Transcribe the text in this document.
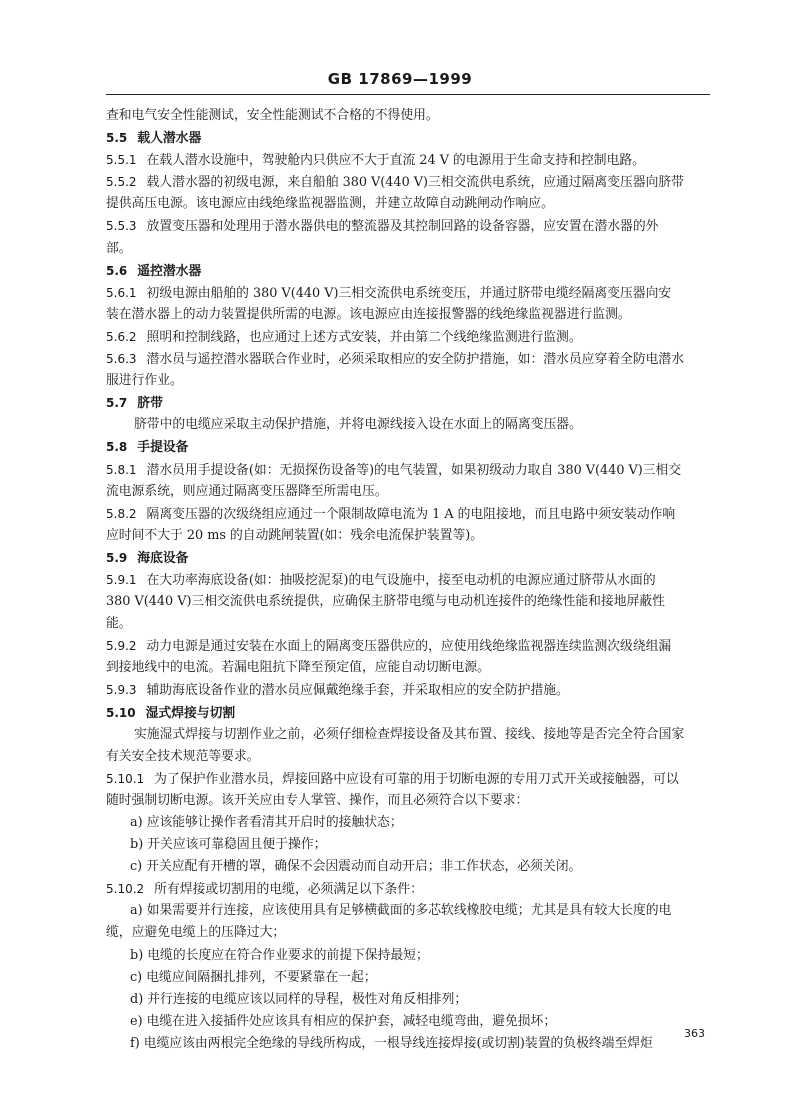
GB 17869—1999
查和电气安全性能测试，安全性能测试不合格的不得使用。
5.5 载人潜水器
5.5.1 在载人潜水设施中，驾驶舱内只供应不大于直流 24 V 的电源用于生命支持和控制电路。
5.5.2 载人潜水器的初级电源，来自船舶 380 V(440 V)三相交流供电系统，应通过隔离变压器向脐带
提供高压电源。该电源应由线绝缘监视器监测，并建立故障自动跳闸动作响应。
5.5.3 放置变压器和处理用于潜水器供电的整流器及其控制回路的设备容器，应安置在潜水器的外
部。
5.6 遥控潜水器
5.6.1 初级电源由船舶的 380 V(440 V)三相交流供电系统变压，并通过脐带电缆经隔离变压器向安
装在潜水器上的动力装置提供所需的电源。该电源应由连接报警器的线绝缘监视器进行监测。
5.6.2 照明和控制线路，也应通过上述方式安装，并由第二个线绝缘监测进行监测。
5.6.3 潜水员与遥控潜水器联合作业时，必须采取相应的安全防护措施，如：潜水员应穿着全防电潜水
服进行作业。
5.7 脐带
脐带中的电缆应采取主动保护措施，并将电源线接入设在水面上的隔离变压器。
5.8 手提设备
5.8.1 潜水员用手提设备(如：无损探伤设备等)的电气装置，如果初级动力取自 380 V(440 V)三相交
流电源系统，则应通过隔离变压器降至所需电压。
5.8.2 隔离变压器的次级绕组应通过一个限制故障电流为 1 A 的电阻接地，而且电路中须安装动作响
应时间不大于 20 ms 的自动跳闸装置(如：残余电流保护装置等)。
5.9 海底设备
5.9.1 在大功率海底设备(如：抽吸挖泥泵)的电气设施中，接至电动机的电源应通过脐带从水面的
380 V(440 V)三相交流供电系统提供，应确保主脐带电缆与电动机连接件的绝缘性能和接地屏蔽性
能。
5.9.2 动力电源是通过安装在水面上的隔离变压器供应的，应使用线绝缘监视器连续监测次级绕组漏
到接地线中的电流。若漏电阻抗下降至预定值，应能自动切断电源。
5.9.3 辅助海底设备作业的潜水员应佩戴绝缘手套，并采取相应的安全防护措施。
5.10 湿式焊接与切割
实施湿式焊接与切割作业之前，必须仔细检查焊接设备及其布置、接线、接地等是否完全符合国家
有关安全技术规范等要求。
5.10.1 为了保护作业潜水员，焊接回路中应设有可靠的用于切断电源的专用刀式开关或接触器，可以
随时强制切断电源。该开关应由专人掌管、操作，而且必须符合以下要求：
a) 应该能够让操作者看清其开启时的接触状态；
b) 开关应该可靠稳固且便于操作；
c) 开关应配有开槽的罩，确保不会因震动而自动开启；非工作状态，必须关闭。
5.10.2 所有焊接或切割用的电缆，必须满足以下条件：
a) 如果需要并行连接，应该使用具有足够横截面的多芯软线橡胶电缆；尤其是具有较大长度的电
缆，应避免电缆上的压降过大；
b) 电缆的长度应在符合作业要求的前提下保持最短；
c) 电缆应间隔捆扎排列，不要紧靠在一起；
d) 并行连接的电缆应该以同样的导程，极性对角反相排列；
e) 电缆在进入接插件处应该具有相应的保护套，减轻电缆弯曲，避免损坏；
f) 电缆应该由两根完全绝缘的导线所构成，一根导线连接焊接(或切割)装置的负极终端至焊炬
363
